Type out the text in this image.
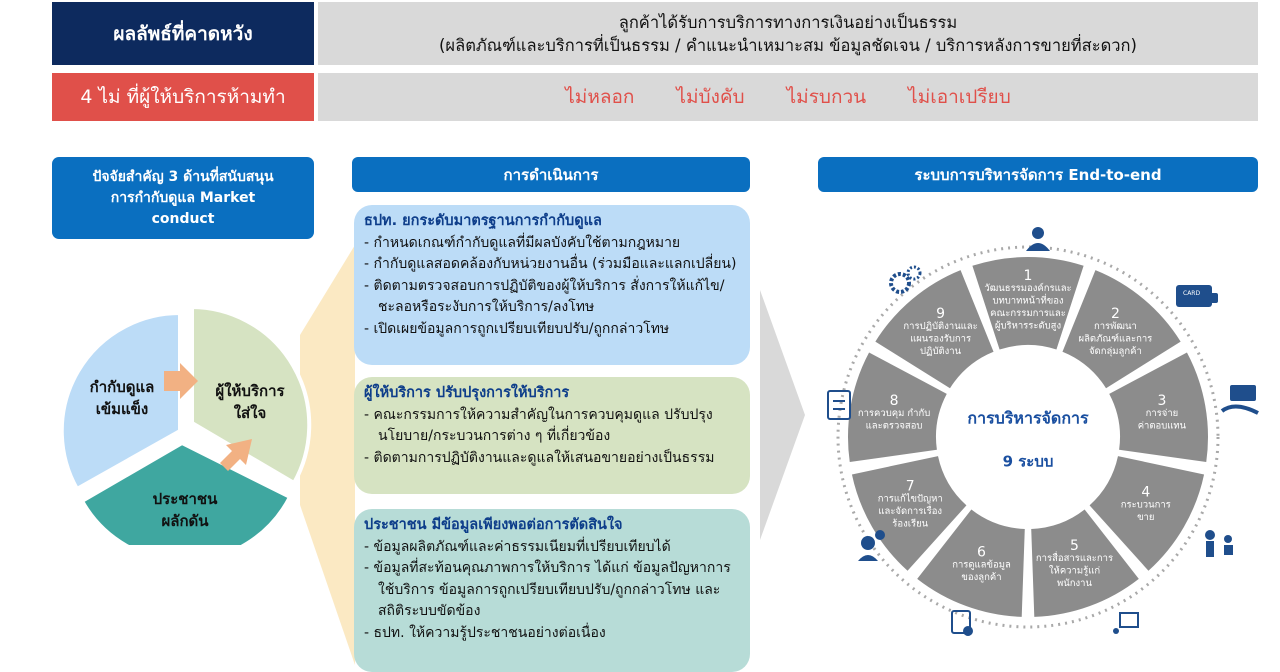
ผลลัพธ์ที่คาดหวัง
ลูกค้าได้รับการบริการทางการเงินอย่างเป็นธรรม
(ผลิตภัณฑ์และบริการที่เป็นธรรม / คำแนะนำเหมาะสม ข้อมูลชัดเจน / บริการหลังการขายที่สะดวก)
4 ไม่ ที่ผู้ให้บริการห้ามทำ	ไม่หลอก ไม่บังคับ ไม่รบกวน ไม่เอาเปรียบ
ปัจจัยสำคัญ 3 ด้านที่สนับสนุน
การกำกับดูแล Market
conduct
กำกับดูแล
เข้มแข็ง
ผู้ให้บริการ
ใส่ใจ
ประชาชน
ผลักดัน
การดำเนินการ
ธปท. ยกระดับมาตรฐานการกำกับดูแล
- กำหนดเกณฑ์กำกับดูแลที่มีผลบังคับใช้ตามกฎหมาย
- กำกับดูแลสอดคล้องกับหน่วยงานอื่น (ร่วมมือและแลกเปลี่ยน)
- ติดตามตรวจสอบการปฏิบัติของผู้ให้บริการ สั่งการให้แก้ไข/ชะลอหรือระงับการให้บริการ/ลงโทษ
- เปิดเผยข้อมูลการถูกเปรียบเทียบปรับ/ถูกกล่าวโทษ
ผู้ให้บริการ ปรับปรุงการให้บริการ
- คณะกรรมการให้ความสำคัญในการควบคุมดูแล ปรับปรุงนโยบาย/กระบวนการต่าง ๆ ที่เกี่ยวข้อง
- ติดตามการปฏิบัติงานและดูแลให้เสนอขายอย่างเป็นธรรม
ประชาชน มีข้อมูลเพียงพอต่อการตัดสินใจ
- ข้อมูลผลิตภัณฑ์และค่าธรรมเนียมที่เปรียบเทียบได้
- ข้อมูลที่สะท้อนคุณภาพการให้บริการ ได้แก่ ข้อมูลปัญหาการใช้บริการ ข้อมูลการถูกเปรียบเทียบปรับ/ถูกกล่าวโทษ และสถิติระบบขัดข้อง
- ธปท. ให้ความรู้ประชาชนอย่างต่อเนื่อง
ระบบการบริหารจัดการ End-to-end
1
วัฒนธรรมองค์กรและ
บทบาทหน้าที่ของ
คณะกรรมการและ
ผู้บริหารระดับสูง
2
การพัฒนา
ผลิตภัณฑ์และการ
จัดกลุ่มลูกค้า
3
การจ่าย
ค่าตอบแทน
4
กระบวนการ
ขาย
5
การสื่อสารและการ
ให้ความรู้แก่
พนักงาน
6
การดูแลข้อมูล
ของลูกค้า
7
การแก้ไขปัญหา
และจัดการเรื่อง
ร้องเรียน
8
การควบคุม กำกับ
และตรวจสอบ
9
การปฏิบัติงานและ
แผนรองรับการ
ปฏิบัติงาน
การบริหารจัดการ
9 ระบบ
CARD
